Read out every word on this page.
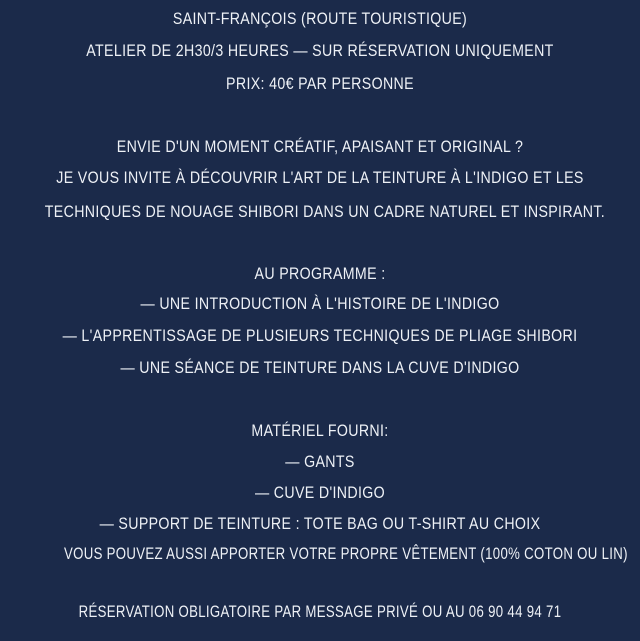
SAINT-FRANÇOIS (ROUTE TOURISTIQUE)
ATELIER DE 2H30/3 HEURES — SUR RÉSERVATION UNIQUEMENT
PRIX: 40€ PAR PERSONNE
ENVIE D'UN MOMENT CRÉATIF, APAISANT ET ORIGINAL ?
JE VOUS INVITE À DÉCOUVRIR L'ART DE LA TEINTURE À L'INDIGO ET LES
TECHNIQUES DE NOUAGE SHIBORI DANS UN CADRE NATUREL ET INSPIRANT.
AU PROGRAMME :
— UNE INTRODUCTION À L'HISTOIRE DE L'INDIGO
— L'APPRENTISSAGE DE PLUSIEURS TECHNIQUES DE PLIAGE SHIBORI
— UNE SÉANCE DE TEINTURE DANS LA CUVE D'INDIGO
MATÉRIEL FOURNI:
— GANTS
— CUVE D'INDIGO
— SUPPORT DE TEINTURE : TOTE BAG OU T-SHIRT AU CHOIX
VOUS POUVEZ AUSSI APPORTER VOTRE PROPRE VÊTEMENT (100% COTON OU LIN)
RÉSERVATION OBLIGATOIRE PAR MESSAGE PRIVÉ OU AU 06 90 44 94 71
